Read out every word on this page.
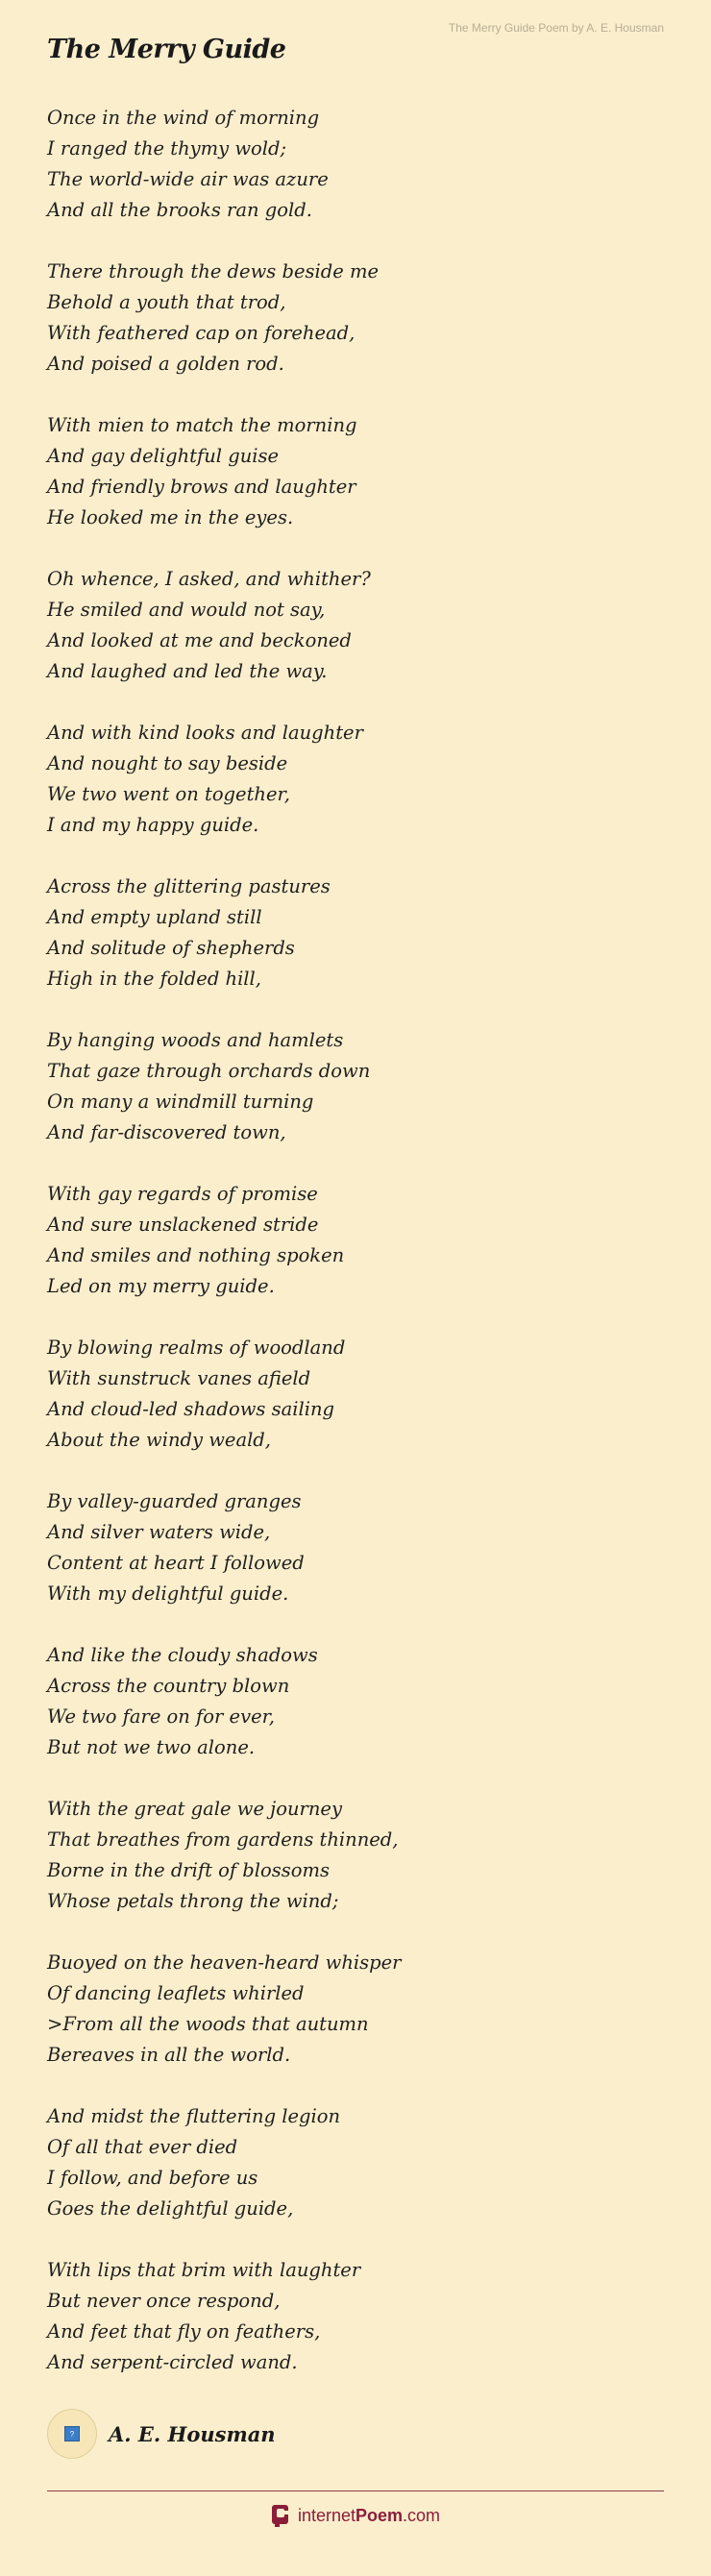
The Merry Guide Poem by A. E. Housman
The Merry Guide

Once in the wind of morning
I ranged the thymy wold;
The world-wide air was azure
And all the brooks ran gold.

There through the dews beside me
Behold a youth that trod,
With feathered cap on forehead,
And poised a golden rod.

With mien to match the morning
And gay delightful guise
And friendly brows and laughter
He looked me in the eyes.

Oh whence, I asked, and whither?
He smiled and would not say,
And looked at me and beckoned
And laughed and led the way.

And with kind looks and laughter
And nought to say beside
We two went on together,
I and my happy guide.

Across the glittering pastures
And empty upland still
And solitude of shepherds
High in the folded hill,

By hanging woods and hamlets
That gaze through orchards down
On many a windmill turning
And far-discovered town,

With gay regards of promise
And sure unslackened stride
And smiles and nothing spoken
Led on my merry guide.

By blowing realms of woodland
With sunstruck vanes afield
And cloud-led shadows sailing
About the windy weald,

By valley-guarded granges
And silver waters wide,
Content at heart I followed
With my delightful guide.

And like the cloudy shadows
Across the country blown
We two fare on for ever,
But not we two alone.

With the great gale we journey
That breathes from gardens thinned,
Borne in the drift of blossoms
Whose petals throng the wind;

Buoyed on the heaven-heard whisper
Of dancing leaflets whirled
>From all the woods that autumn
Bereaves in all the world.

And midst the fluttering legion
Of all that ever died
I follow, and before us
Goes the delightful guide,

With lips that brim with laughter
But never once respond,
And feet that fly on feathers,
And serpent-circled wand.

? A. E. Housman
internet Poem .com
